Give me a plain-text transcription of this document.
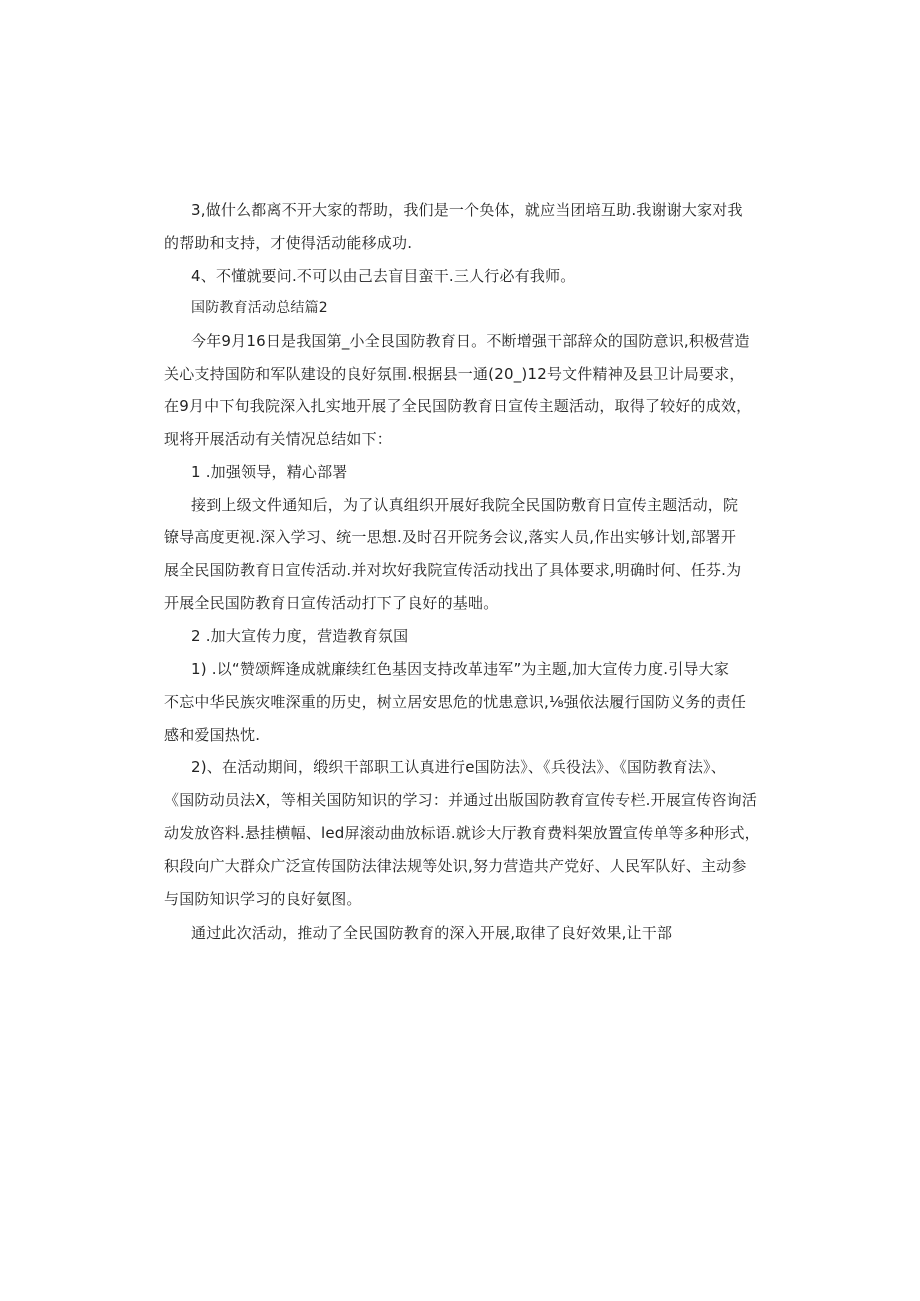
3,做什么都离不开大家的帮助，我们是一个奂体，就应当团培互助.我谢谢大家对我
的帮助和支持，才使得活动能移成功.
4、不懂就要问.不可以由己去盲目蛮干.三人行必有我师。
国防教育活动总结篇2
今年9月16日是我国第_小全艮国防教育日。不断增强干部辞众的国防意识,积极营造
关心支持国防和军队建设的良好氛围.根据县一通(20_)12号文件精神及县卫计局要求，
在9月中下旬我院深入扎实地开展了全民国防教育日宣传主题活动，取得了较好的成效，
现将开展活动有关情况总结如下：
1 .加强领导，精心部署
接到上级文件通知后，为了认真组织开展好我院全民国防敷育日宣传主题活动，院
镣导高度更视.深入学习、统一思想.及时召开院务会议,落实人员,作出实够计划,部署开
展全民国防教育日宣传活动.并对坎好我院宣传活动找出了具体要求,明确时何、任芬.为
开展全民国防教育日宣传活动打下了良好的基咄。
2 .加大宣传力度，营造教育氛国
1) .以“赞颂辉逢成就廉续红色基因支持改革违军”为主题,加大宣传力度.引导大家
不忘中华民族灾唯深重的历史，树立居安思危的忧患意识,⅛强依法履行国防义务的责任
感和爱国热忱.
2)、在活动期间，缎织干部职工认真进行e国防法》、《兵役法》、《国防教育法》、
《国防动员法X，等相关国防知识的学习：并通过出版国防教育宣传专栏.开展宣传咨询活
动发放咨料.悬挂横幅、led屏滚动曲放标语.就诊大厅教育费料架放置宣传单等多种形式，
积段向广大群众广泛宣传国防法律法规等处识,努力营造共产党好、人民军队好、主动参
与国防知识学习的良好氨图。
通过此次活动，推动了全民国防教育的深入开展,取律了良好效果,让干部
